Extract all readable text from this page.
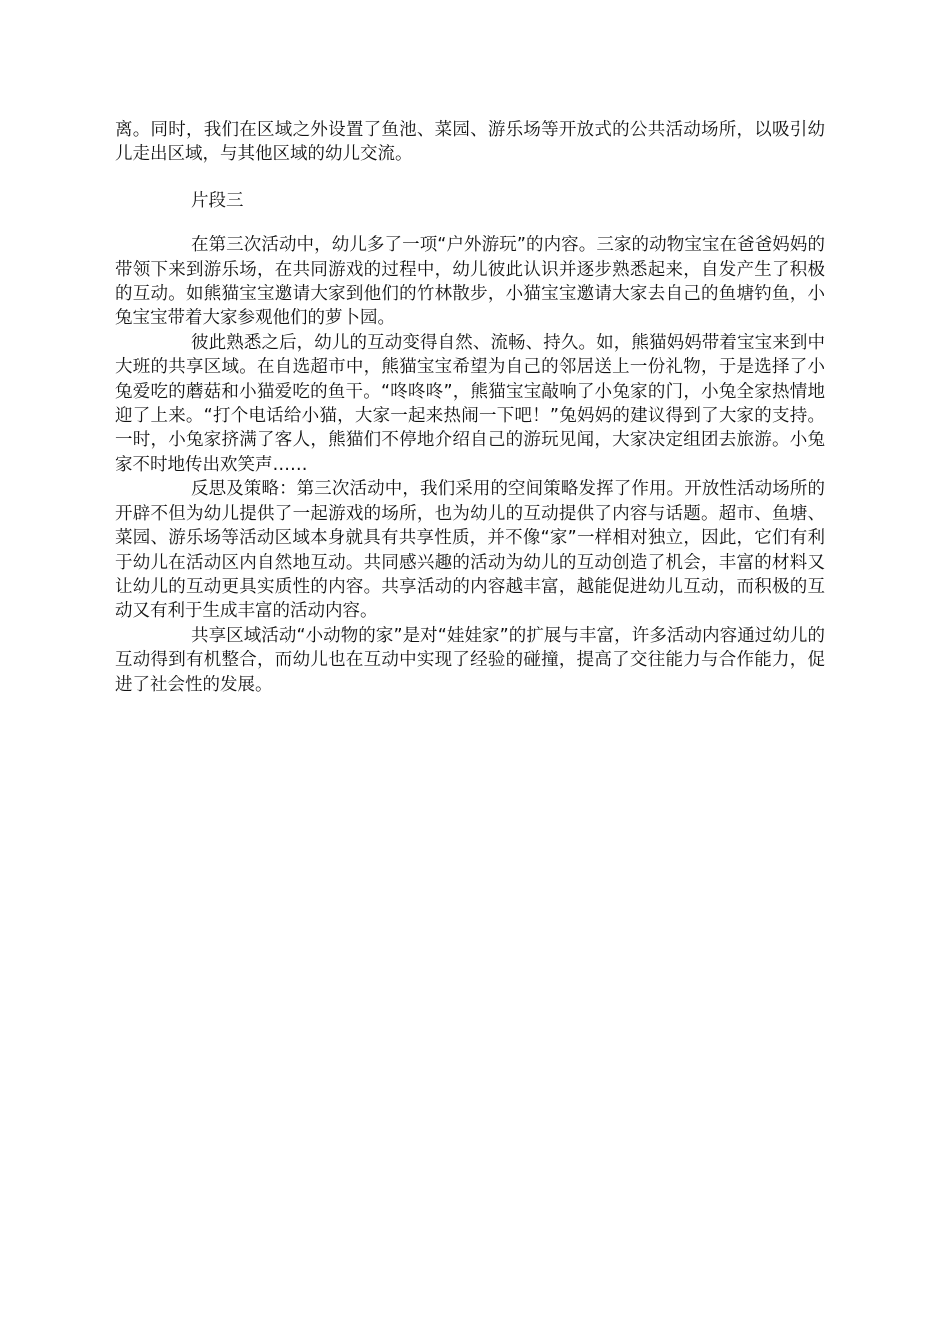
离。同时，我们在区域之外设置了鱼池、菜园、游乐场等开放式的公共活动场所，以吸引幼儿走出区域，与其他区域的幼儿交流。

片段三

在第三次活动中，幼儿多了一项“户外游玩”的内容。三家的动物宝宝在爸爸妈妈的带领下来到游乐场，在共同游戏的过程中，幼儿彼此认识并逐步熟悉起来，自发产生了积极的互动。如熊猫宝宝邀请大家到他们的竹林散步，小猫宝宝邀请大家去自己的鱼塘钓鱼，小兔宝宝带着大家参观他们的萝卜园。

彼此熟悉之后，幼儿的互动变得自然、流畅、持久。如，熊猫妈妈带着宝宝来到中大班的共享区域。在自选超市中，熊猫宝宝希望为自己的邻居送上一份礼物，于是选择了小兔爱吃的蘑菇和小猫爱吃的鱼干。“咚咚咚”，熊猫宝宝敲响了小兔家的门，小兔全家热情地迎了上来。“打个电话给小猫，大家一起来热闹一下吧！”兔妈妈的建议得到了大家的支持。一时，小兔家挤满了客人，熊猫们不停地介绍自己的游玩见闻，大家决定组团去旅游。小兔家不时地传出欢笑声……

反思及策略：第三次活动中，我们采用的空间策略发挥了作用。开放性活动场所的开辟不但为幼儿提供了一起游戏的场所，也为幼儿的互动提供了内容与话题。超市、鱼塘、菜园、游乐场等活动区域本身就具有共享性质，并不像“家”一样相对独立，因此，它们有利于幼儿在活动区内自然地互动。共同感兴趣的活动为幼儿的互动创造了机会，丰富的材料又让幼儿的互动更具实质性的内容。共享活动的内容越丰富，越能促进幼儿互动，而积极的互动又有利于生成丰富的活动内容。

共享区域活动“小动物的家”是对“娃娃家”的扩展与丰富，许多活动内容通过幼儿的互动得到有机整合，而幼儿也在互动中实现了经验的碰撞，提高了交往能力与合作能力，促进了社会性的发展。
